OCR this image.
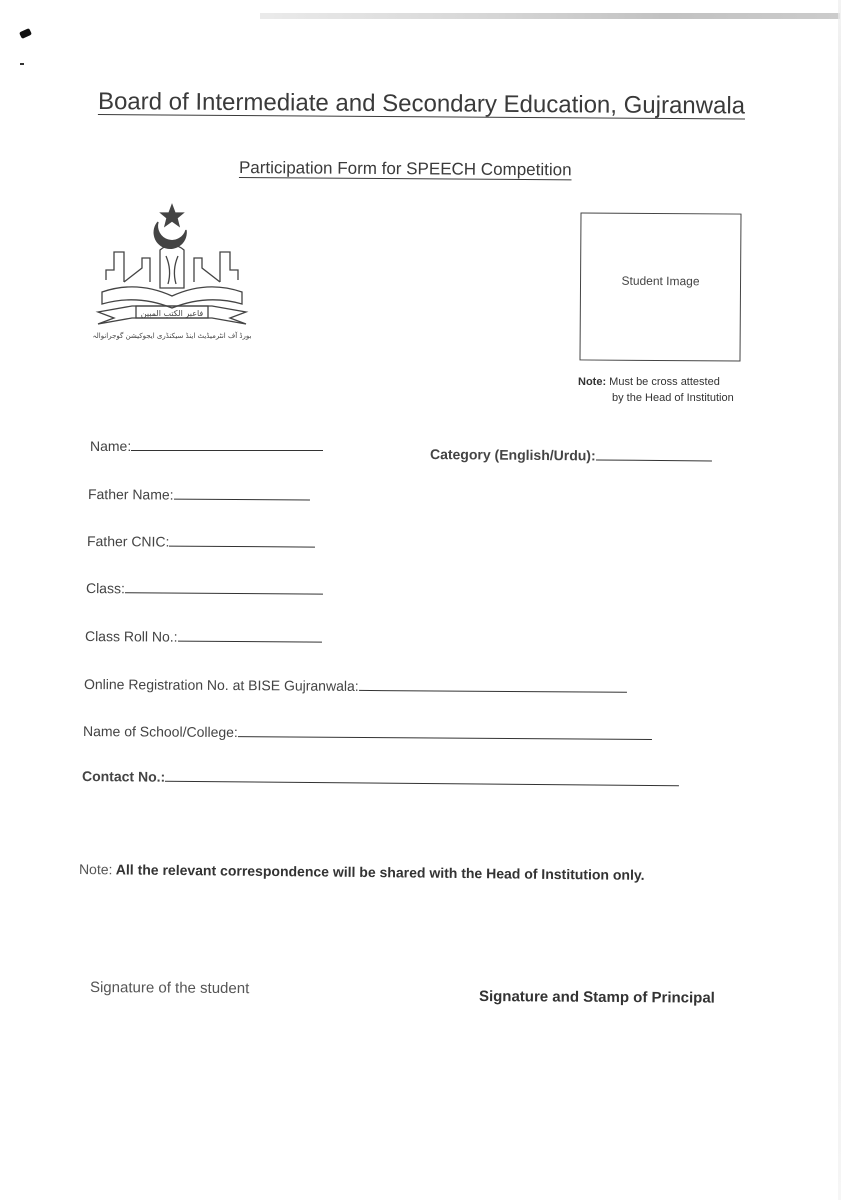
Board of Intermediate and Secondary Education, Gujranwala
Participation Form for SPEECH Competition
فاعبر الکتب المبین
بورڈ آف انٹرمیڈیٹ اینڈ سیکنڈری ایجوکیشن گوجرانوالہ
Student Image
Note: Must be cross attested
by the Head of Institution
Name:
Category (English/Urdu):
Father Name:
Father CNIC:
Class:
Class Roll No.:
Online Registration No. at BISE Gujranwala:
Name of School/College:
Contact No.:
Note: All the relevant correspondence will be shared with the Head of Institution only.
Signature of the student	Signature and Stamp of Principal
